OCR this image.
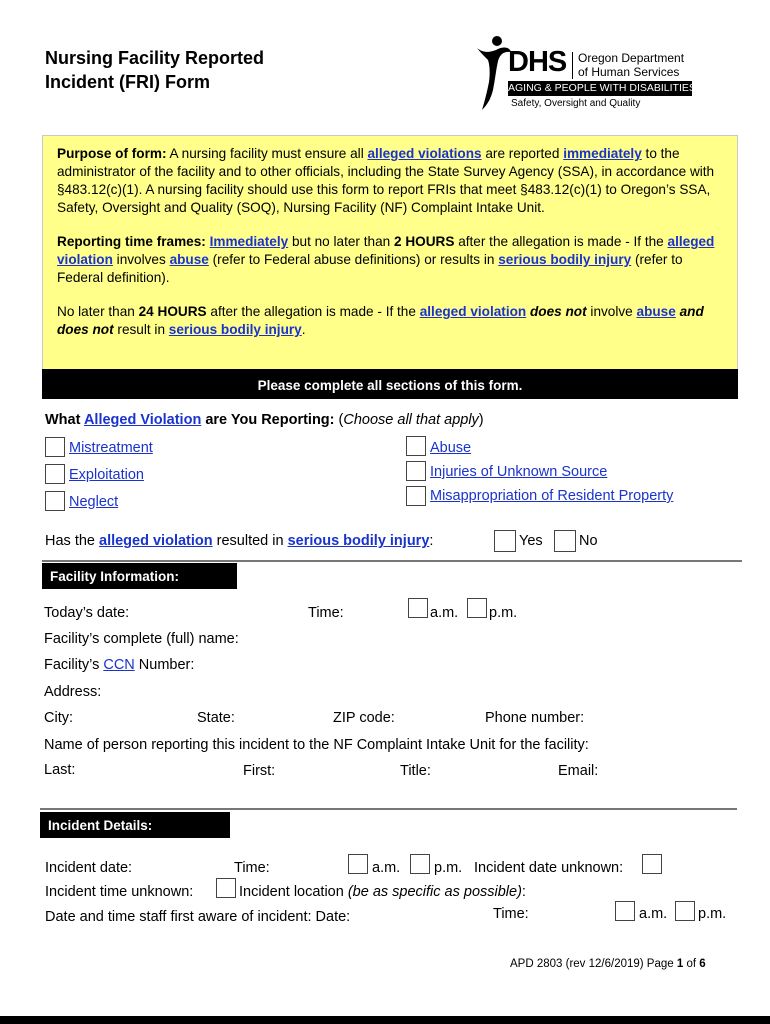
Nursing Facility Reported
Incident (FRI) Form
DHS Oregon Department
of Human Services
AGING & PEOPLE WITH DISABILITIES
Safety, Oversight and Quality

Purpose of form: A nursing facility must ensure all alleged violations are reported immediately to the administrator of the facility and to other officials, including the State Survey Agency (SSA), in accordance with §483.12(c)(1). A nursing facility should use this form to report FRIs that meet §483.12(c)(1) to Oregon’s SSA, Safety, Oversight and Quality (SOQ), Nursing Facility (NF) Complaint Intake Unit.

Reporting time frames: Immediately but no later than 2 HOURS after the allegation is made - If the alleged violation involves abuse (refer to Federal abuse definitions) or results in serious bodily injury (refer to Federal definition).

No later than 24 HOURS after the allegation is made - If the alleged violation does not involve abuse and does not result in serious bodily injury.

Please complete all sections of this form.
What Alleged Violation are You Reporting: (Choose all that apply)
Mistreatment
Exploitation
Neglect
Abuse
Injuries of Unknown Source
Misappropriation of Resident Property
Has the alleged violation resulted in serious bodily injury:	Yes	No
Facility Information:
Today’s date:	Time:	a.m. p.m.
Facility’s complete (full) name:
Facility’s CCN Number:
Address:
City:	State:	ZIP code:	Phone number:
Name of person reporting this incident to the NF Complaint Intake Unit for the facility:
Last:	First:	Title:	Email:
Incident Details:
Incident date:	Time:	a.m. p.m. Incident date unknown:
Incident time unknown:	Incident location (be as specific as possible):
Date and time staff first aware of incident: Date:	Time:	a.m. p.m.
APD 2803 (rev 12/6/2019) Page 1 of 6
